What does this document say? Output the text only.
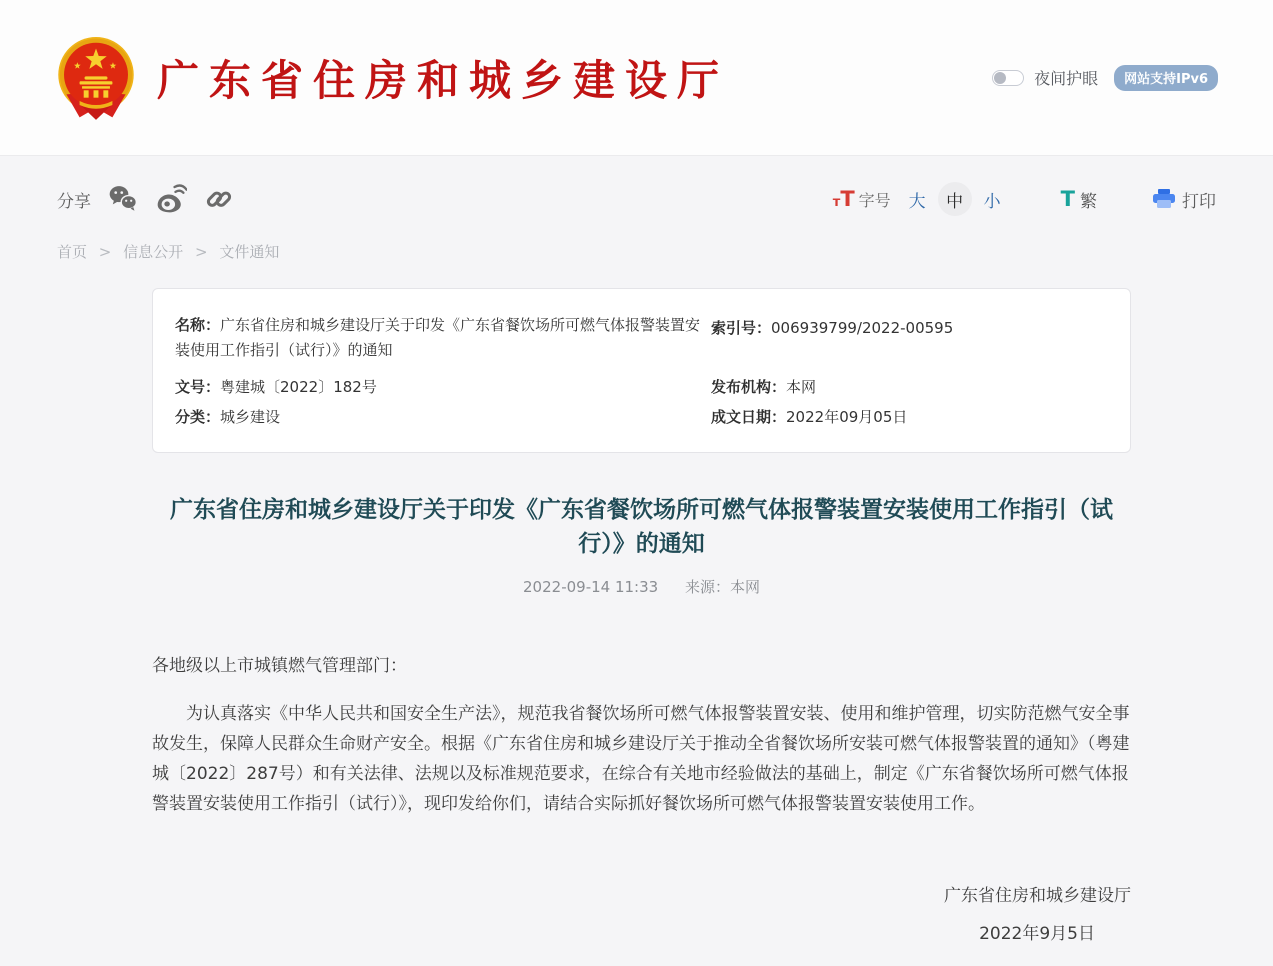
广东省住房和城乡建设厅	夜间护眼	网站支持IPv6
分享	тT 字号 大	中	小	T 繁	打印
首页 > 信息公开 > 文件通知
名称：广东省住房和城乡建设厅关于印发《广东省餐饮场所可燃气体报警装置安装使用工作指引（试行）》的通知
索引号：006939799/2022-00595
文号：粤建城〔2022〕182号	发布机构：本网
分类：城乡建设	成文日期：2022年09月05日
广东省住房和城乡建设厅关于印发《广东省餐饮场所可燃气体报警装置安装使用工作指引（试行）》的通知
2022-09-14 11:33 来源：本网

各地级以上市城镇燃气管理部门：

为认真落实《中华人民共和国安全生产法》，规范我省餐饮场所可燃气体报警装置安装、使用和维护管理，切实防范燃气安全事故发生，保障人民群众生命财产安全。根据《广东省住房和城乡建设厅关于推动全省餐饮场所安装可燃气体报警装置的通知》（粤建城〔2022〕287号）和有关法律、法规以及标准规范要求，在综合有关地市经验做法的基础上，制定《广东省餐饮场所可燃气体报警装置安装使用工作指引（试行）》，现印发给你们，请结合实际抓好餐饮场所可燃气体报警装置安装使用工作。

广东省住房和城乡建设厅
2022年9月5日
